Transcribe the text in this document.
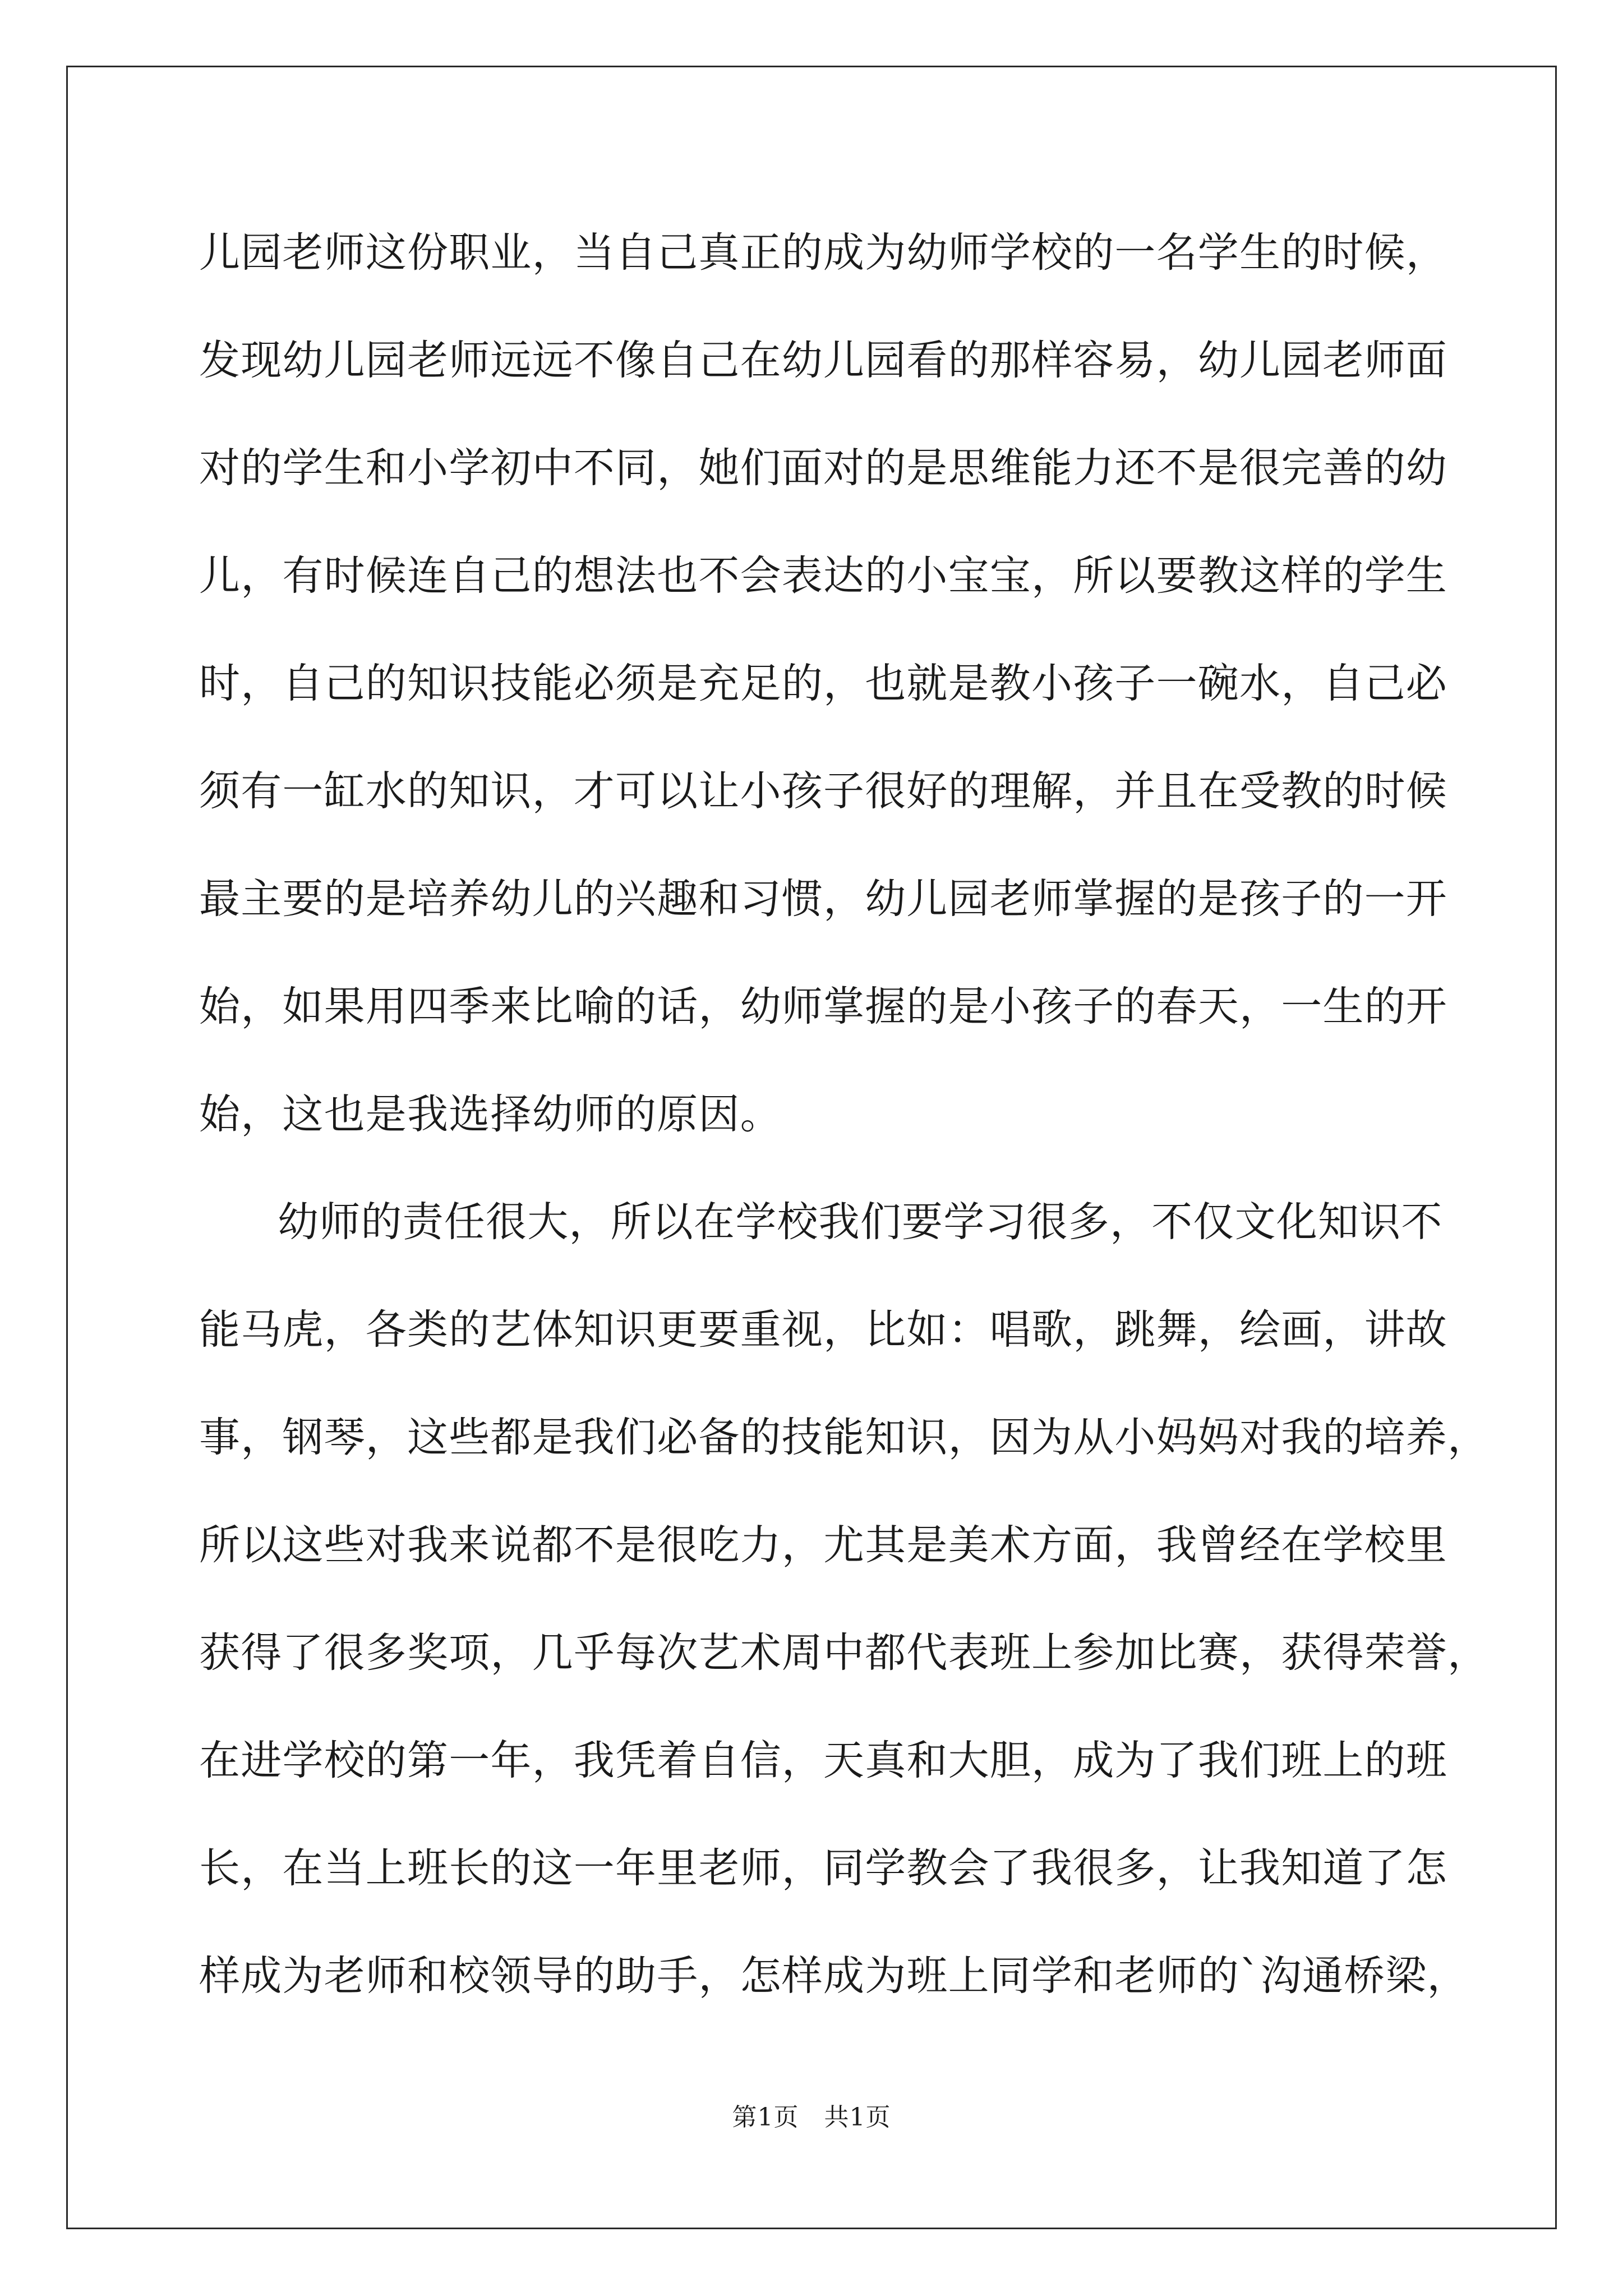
儿园老师这份职业，当自己真正的成为幼师学校的一名学生的时候，
发现幼儿园老师远远不像自己在幼儿园看的那样容易，幼儿园老师面
对的学生和小学初中不同，她们面对的是思维能力还不是很完善的幼
儿，有时候连自己的想法也不会表达的小宝宝，所以要教这样的学生
时，自己的知识技能必须是充足的，也就是教小孩子一碗水，自己必
须有一缸水的知识，才可以让小孩子很好的理解，并且在受教的时候
最主要的是培养幼儿的兴趣和习惯，幼儿园老师掌握的是孩子的一开
始，如果用四季来比喻的话，幼师掌握的是小孩子的春天，一生的开
始，这也是我选择幼师的原因。
幼师的责任很大，所以在学校我们要学习很多，不仅文化知识不
能马虎，各类的艺体知识更要重视，比如：唱歌，跳舞，绘画，讲故
事，钢琴，这些都是我们必备的技能知识，因为从小妈妈对我的培养，
所以这些对我来说都不是很吃力，尤其是美术方面，我曾经在学校里
获得了很多奖项，几乎每次艺术周中都代表班上参加比赛，获得荣誉，
在进学校的第一年，我凭着自信，天真和大胆，成为了我们班上的班
长，在当上班长的这一年里老师，同学教会了我很多，让我知道了怎
样成为老师和校领导的助手，怎样成为班上同学和老师的`沟通桥梁，
第1页 共1页
